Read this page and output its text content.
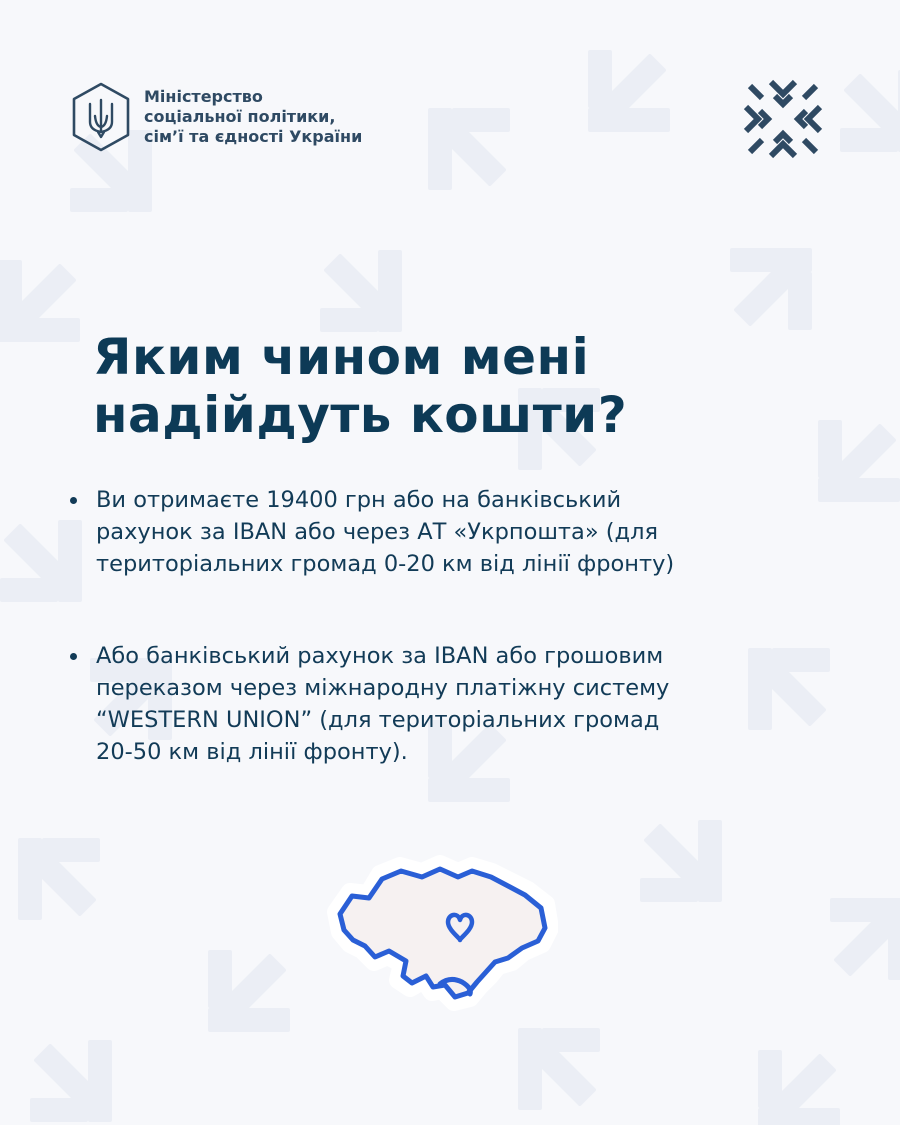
Міністерство
соціальної політики,
сім’ї та єдності України
Яким чином мені
надійдуть кошти?
Ви отримаєте 19400 грн або на банківський
рахунок за IBAN або через АТ «Укрпошта» (для
територіальних громад 0-20 км від лінії фронту)
Або банківський рахунок за IBAN або грошовим
переказом через міжнародну платіжну систему
“WESTERN UNION” (для територіальних громад
20-50 км від лінії фронту).
